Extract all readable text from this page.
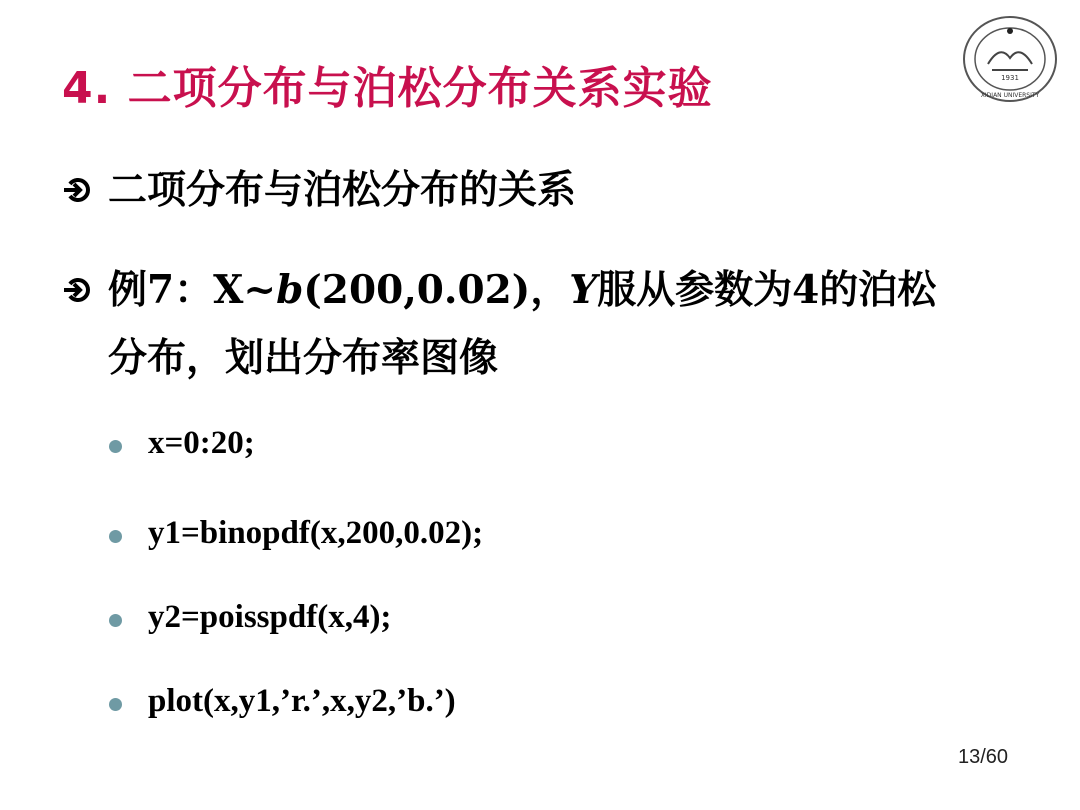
4. 二项分布与泊松分布关系实验	1931
XIDIAN UNIVERSITY
二项分布与泊松分布的关系
例7：X~b(200,0.02)，Y服从参数为4的泊松
分布，划出分布率图像
x=0:20;
y1=binopdf(x,200,0.02);
y2=poisspdf(x,4);
plot(x,y1,’r.’,x,y2,’b.’)
13/60
